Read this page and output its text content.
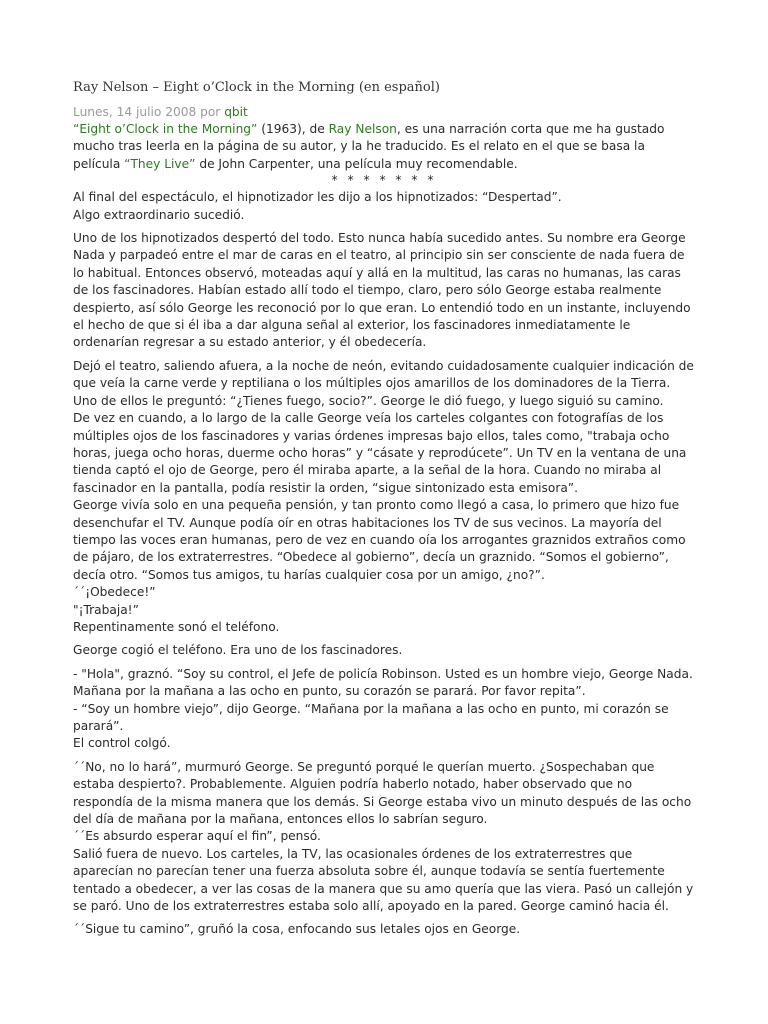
Ray Nelson – Eight o’Clock in the Morning (en español)

Lunes, 14 julio 2008 por qbit

“Eight o’Clock in the Morning” (1963), de Ray Nelson, es una narración corta que me ha gustado mucho tras leerla en la página de su autor, y la he traducido. Es el relato en el que se basa la película “They Live” de John Carpenter, una película muy recomendable.

* * * * * * *

Al final del espectáculo, el hipnotizador les dijo a los hipnotizados: “Despertad”.
Algo extraordinario sucedió.

Uno de los hipnotizados despertó del todo. Esto nunca había sucedido antes. Su nombre era George Nada y parpadeó entre el mar de caras en el teatro, al principio sin ser consciente de nada fuera de lo habitual. Entonces observó, moteadas aquí y allá en la multitud, las caras no humanas, las caras de los fascinadores. Habían estado allí todo el tiempo, claro, pero sólo George estaba realmente despierto, así sólo George les reconoció por lo que eran. Lo entendió todo en un instante, incluyendo el hecho de que si él iba a dar alguna señal al exterior, los fascinadores inmediatamente le ordenarían regresar a su estado anterior, y él obedecería.

Dejó el teatro, saliendo afuera, a la noche de neón, evitando cuidadosamente cualquier indicación de que veía la carne verde y reptiliana o los múltiples ojos amarillos de los dominadores de la Tierra. Uno de ellos le preguntó: “¿Tienes fuego, socio?”. George le dió fuego, y luego siguió su camino.
De vez en cuando, a lo largo de la calle George veía los carteles colgantes con fotografías de los múltiples ojos de los fascinadores y varias órdenes impresas bajo ellos, tales como, "trabaja ocho horas, juega ocho horas, duerme ocho horas” y “cásate y reprodúcete”. Un TV en la ventana de una tienda captó el ojo de George, pero él miraba aparte, a la señal de la hora. Cuando no miraba al fascinador en la pantalla, podía resistir la orden, “sigue sintonizado esta emisora”.
George vivía solo en una pequeña pensión, y tan pronto como llegó a casa, lo primero que hizo fue desenchufar el TV. Aunque podía oír en otras habitaciones los TV de sus vecinos. La mayoría del tiempo las voces eran humanas, pero de vez en cuando oía los arrogantes graznidos extraños como de pájaro, de los extraterrestres. “Obedece al gobierno”, decía un graznido. “Somos el gobierno”, decía otro. “Somos tus amigos, tu harías cualquier cosa por un amigo, ¿no?”.
´´¡Obedece!”
"¡Trabaja!”
Repentinamente sonó el teléfono.

George cogió el teléfono. Era uno de los fascinadores.

- "Hola", graznó. “Soy su control, el Jefe de policía Robinson. Usted es un hombre viejo, George Nada. Mañana por la mañana a las ocho en punto, su corazón se parará. Por favor repita”.
- “Soy un hombre viejo”, dijo George. “Mañana por la mañana a las ocho en punto, mi corazón se parará”.
El control colgó.

´´No, no lo hará”, murmuró George. Se preguntó porqué le querían muerto. ¿Sospechaban que estaba despierto?. Probablemente. Alguien podría haberlo notado, haber observado que no respondía de la misma manera que los demás. Si George estaba vivo un minuto después de las ocho del día de mañana por la mañana, entonces ellos lo sabrían seguro.
´´Es absurdo esperar aquí el fin”, pensó.
Salió fuera de nuevo. Los carteles, la TV, las ocasionales órdenes de los extraterrestres que aparecían no parecían tener una fuerza absoluta sobre él, aunque todavía se sentía fuertemente tentado a obedecer, a ver las cosas de la manera que su amo quería que las viera. Pasó un callejón y se paró. Uno de los extraterrestres estaba solo allí, apoyado en la pared. George caminó hacia él.

´´Sigue tu camino”, gruñó la cosa, enfocando sus letales ojos en George.
